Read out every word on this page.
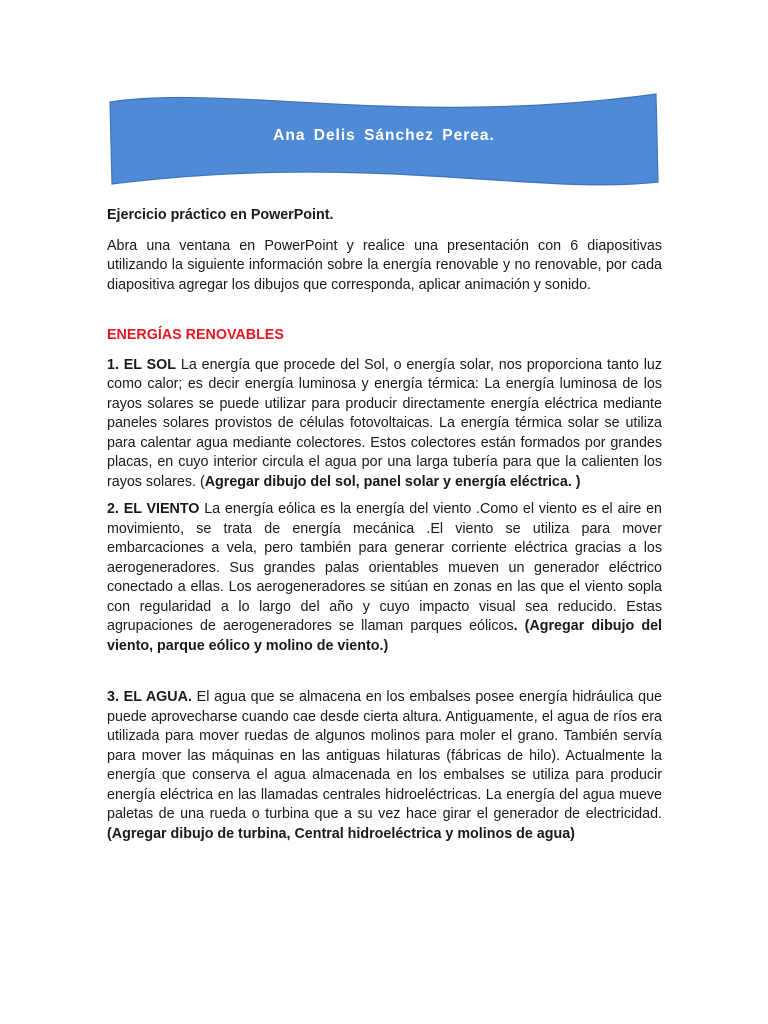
Ana Delis Sánchez Perea.

Ejercicio práctico en PowerPoint.

Abra una ventana en PowerPoint y realice una presentación con 6 diapositivas utilizando la siguiente información sobre la energía renovable y no renovable, por cada diapositiva agregar los dibujos que corresponda, aplicar animación y sonido.

ENERGÍAS RENOVABLES

1. EL SOL La energía que procede del Sol, o energía solar, nos proporciona tanto luz como calor; es decir energía luminosa y energía térmica: La energía luminosa de los rayos solares se puede utilizar para producir directamente energía eléctrica mediante paneles solares provistos de células fotovoltaicas. La energía térmica solar se utiliza para calentar agua mediante colectores. Estos colectores están formados por grandes placas, en cuyo interior circula el agua por una larga tubería para que la calienten los rayos solares. (Agregar dibujo del sol, panel solar y energía eléctrica. )

2. EL VIENTO La energía eólica es la energía del viento .Como el viento es el aire en movimiento, se trata de energía mecánica .El viento se utiliza para mover embarcaciones a vela, pero también para generar corriente eléctrica gracias a los aerogeneradores. Sus grandes palas orientables mueven un generador eléctrico conectado a ellas. Los aerogeneradores se sitúan en zonas en las que el viento sopla con regularidad a lo largo del año y cuyo impacto visual sea reducido. Estas agrupaciones de aerogeneradores se llaman parques eólicos. (Agregar dibujo del viento, parque eólico y molino de viento.)

3. EL AGUA. El agua que se almacena en los embalses posee energía hidráulica que puede aprovecharse cuando cae desde cierta altura. Antiguamente, el agua de ríos era utilizada para mover ruedas de algunos molinos para moler el grano. También servía para mover las máquinas en las antiguas hilaturas (fábricas de hilo). Actualmente la energía que conserva el agua almacenada en los embalses se utiliza para producir energía eléctrica en las llamadas centrales hidroeléctricas. La energía del agua mueve paletas de una rueda o turbina que a su vez hace girar el generador de electricidad. (Agregar dibujo de turbina, Central hidroeléctrica y molinos de agua)
